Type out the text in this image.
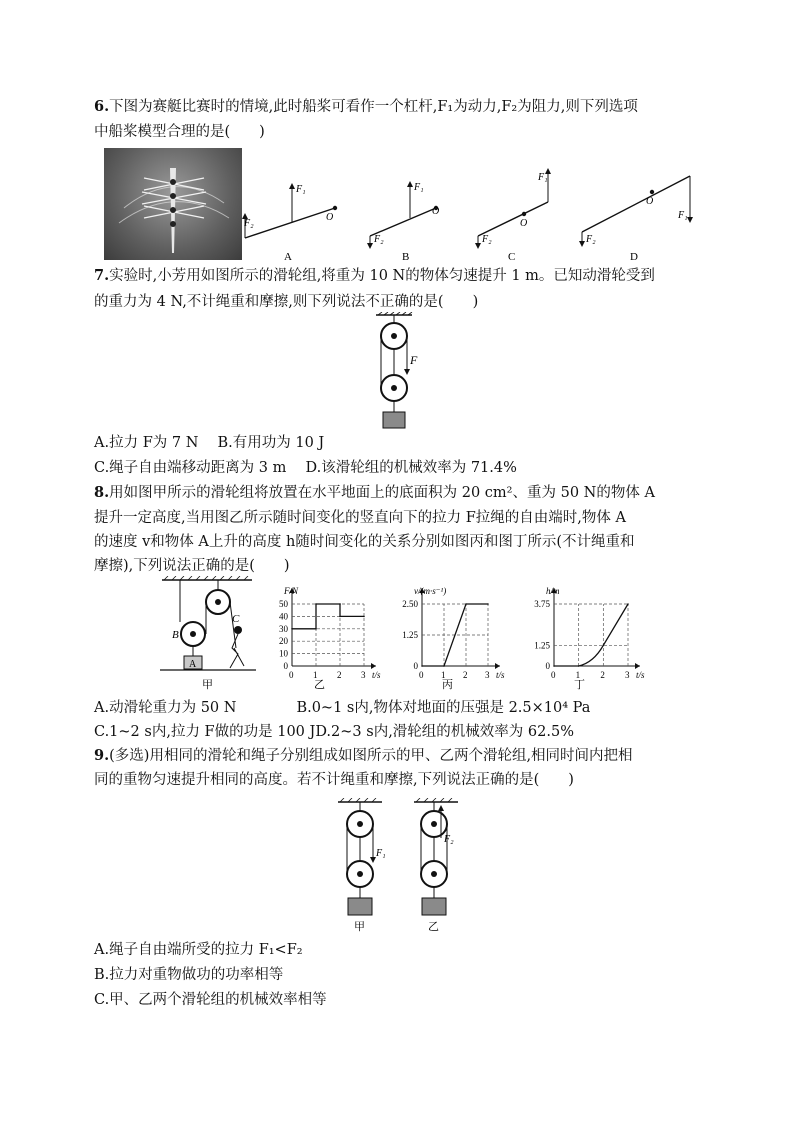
6.下图为赛艇比赛时的情境,此时船桨可看作一个杠杆,F₁为动力,F₂为阻力,则下列选项
中船桨模型合理的是(　　)
F₂
F₁
O
A
F₂
F₁
O
B
F₁
F₂
O
C
F₂
F₁
O
D
7.实验时,小芳用如图所示的滑轮组,将重为 10 N的物体匀速提升 1 m。已知动滑轮受到
的重力为 4 N,不计绳重和摩擦,则下列说法不正确的是(　　)
F
A.拉力 F为 7 N　 B.有用功为 10 J
C.绳子自由端移动距离为 3 m　 D.该滑轮组的机械效率为 71.4%
8.用如图甲所示的滑轮组将放置在水平地面上的底面积为 20 cm²、重为 50 N的物体 A
提升一定高度,当用图乙所示随时间变化的竖直向下的拉力 F拉绳的自由端时,物体 A
的速度 v和物体 A上升的高度 h随时间变化的关系分别如图丙和图丁所示(不计绳重和
摩擦),下列说法正确的是(　　)
B
A
C
甲
F/N
t/s
0 1 2 3
0
10
20
30
40
50
乙
v/(m·s⁻¹)
t/s
0 1 2 3
0
1.25
2.50
丙
h/m
t/s
0 1 2 3
0
1.25
3.75
丁
A.动滑轮重力为 50 N	B.0~1 s内,物体对地面的压强是 2.5×10⁴ Pa
C.1~2 s内,拉力 F做的功是 100 JD.2~3 s内,滑轮组的机械效率为 62.5%
9.(多选)用相同的滑轮和绳子分别组成如图所示的甲、乙两个滑轮组,相同时间内把相
同的重物匀速提升相同的高度。若不计绳重和摩擦,下列说法正确的是(　　)
F₁
甲
F₂
乙
A.绳子自由端所受的拉力 F₁<F₂
B.拉力对重物做功的功率相等
C.甲、乙两个滑轮组的机械效率相等
